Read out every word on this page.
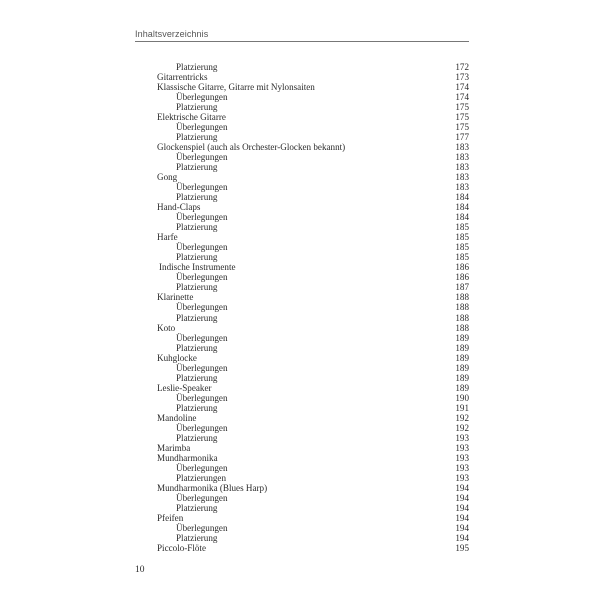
Inhaltsverzeichnis
Platzierung	172
Gitarrentricks	173
Klassische Gitarre, Gitarre mit Nylonsaiten	174
Überlegungen	174
Platzierung	175
Elektrische Gitarre	175
Überlegungen	175
Platzierung	177
Glockenspiel (auch als Orchester-Glocken bekannt)	183
Überlegungen	183
Platzierung	183
Gong	183
Überlegungen	183
Platzierung	184
Hand-Claps	184
Überlegungen	184
Platzierung	185
Harfe	185
Überlegungen	185
Platzierung	185
Indische Instrumente	186
Überlegungen	186
Platzierung	187
Klarinette	188
Überlegungen	188
Platzierung	188
Koto	188
Überlegungen	189
Platzierung	189
Kuhglocke	189
Überlegungen	189
Platzierung	189
Leslie-Speaker	189
Überlegungen	190
Platzierung	191
Mandoline	192
Überlegungen	192
Platzierung	193
Marimba	193
Mundharmonika	193
Überlegungen	193
Platzierungen	193
Mundharmonika (Blues Harp)	194
Überlegungen	194
Platzierung	194
Pfeifen	194
Überlegungen	194
Platzierung	194
Piccolo-Flöte	195
10
